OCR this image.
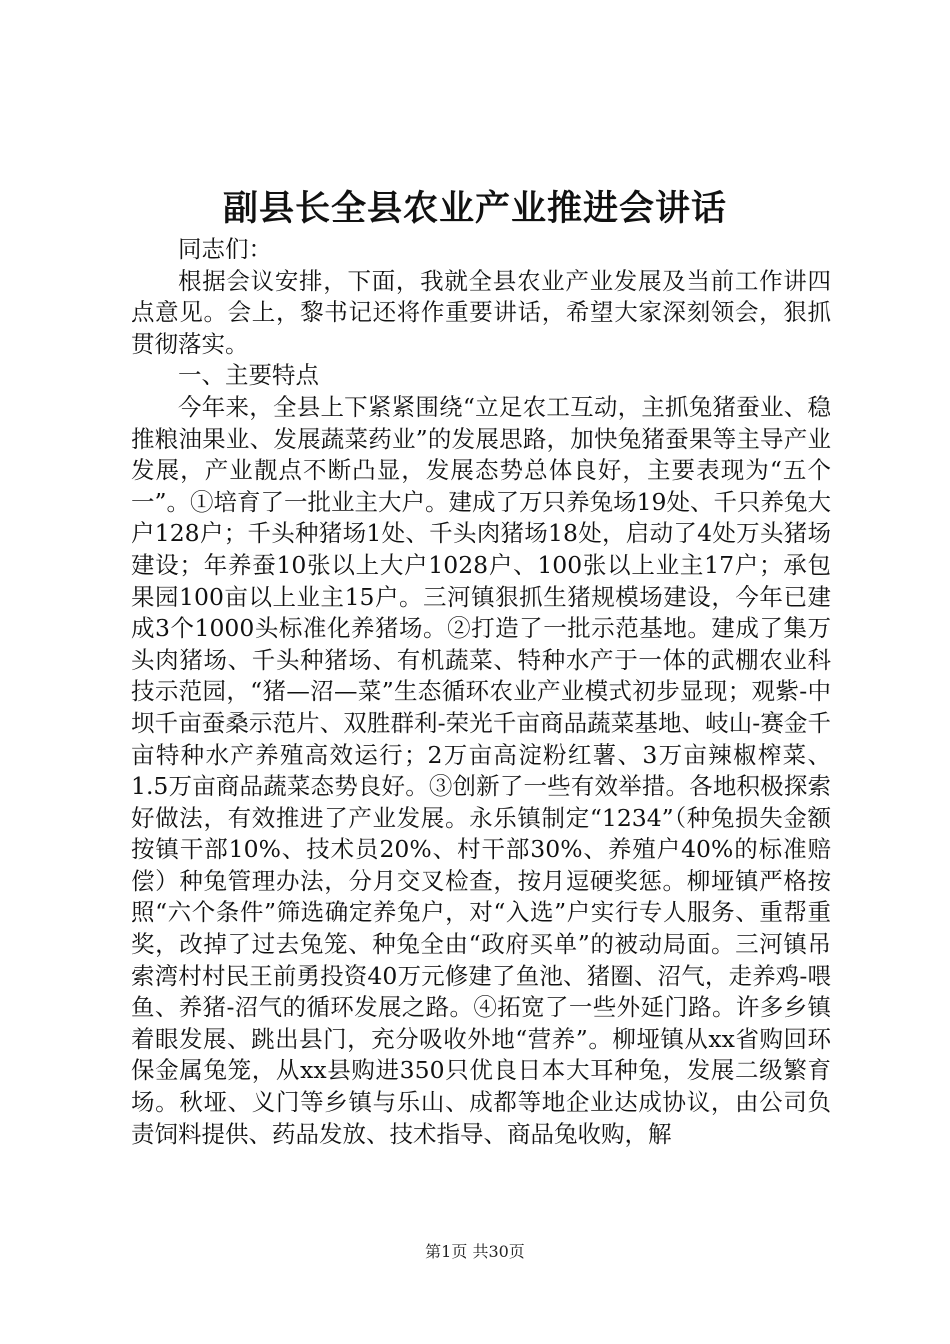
副县长全县农业产业推进会讲话

同志们：

根据会议安排，下面，我就全县农业产业发展及当前工作讲四点意见。会上，黎书记还将作重要讲话，希望大家深刻领会，狠抓贯彻落实。

一、主要特点

今年来，全县上下紧紧围绕“立足农工互动，主抓兔猪蚕业、稳推粮油果业、发展蔬菜药业”的发展思路，加快兔猪蚕果等主导产业发展，产业靓点不断凸显，发展态势总体良好，主要表现为“五个一”。①培育了一批业主大户。建成了万只养兔场19处、千只养兔大户128户；千头种猪场1处、千头肉猪场18处，启动了4处万头猪场建设；年养蚕10张以上大户1028户、100张以上业主17户；承包果园100亩以上业主15户。三河镇狠抓生猪规模场建设，今年已建成3个1000头标准化养猪场。②打造了一批示范基地。建成了集万头肉猪场、千头种猪场、有机蔬菜、特种水产于一体的武棚农业科技示范园，“猪—沼—菜”生态循环农业产业模式初步显现；观紫-中坝千亩蚕桑示范片、双胜群利-荣光千亩商品蔬菜基地、岐山-赛金千亩特种水产养殖高效运行；2万亩高淀粉红薯、3万亩辣椒榨菜、1.5万亩商品蔬菜态势良好。③创新了一些有效举措。各地积极探索好做法，有效推进了产业发展。永乐镇制定“1234”（种兔损失金额按镇干部10%、技术员20%、村干部30%、养殖户40%的标准赔偿）种兔管理办法，分月交叉检查，按月逗硬奖惩。柳垭镇严格按照“六个条件”筛选确定养兔户，对“入选”户实行专人服务、重帮重奖，改掉了过去兔笼、种兔全由“政府买单”的被动局面。三河镇吊索湾村村民王前勇投资40万元修建了鱼池、猪圈、沼气，走养鸡-喂鱼、养猪-沼气的循环发展之路。④拓宽了一些外延门路。许多乡镇着眼发展、跳出县门，充分吸收外地“营养”。柳垭镇从xx省购回环保金属兔笼，从xx县购进350只优良日本大耳种兔，发展二级繁育场。秋垭、义门等乡镇与乐山、成都等地企业达成协议，由公司负责饲料提供、药品发放、技术指导、商品兔收购，解

第1页 共30页
